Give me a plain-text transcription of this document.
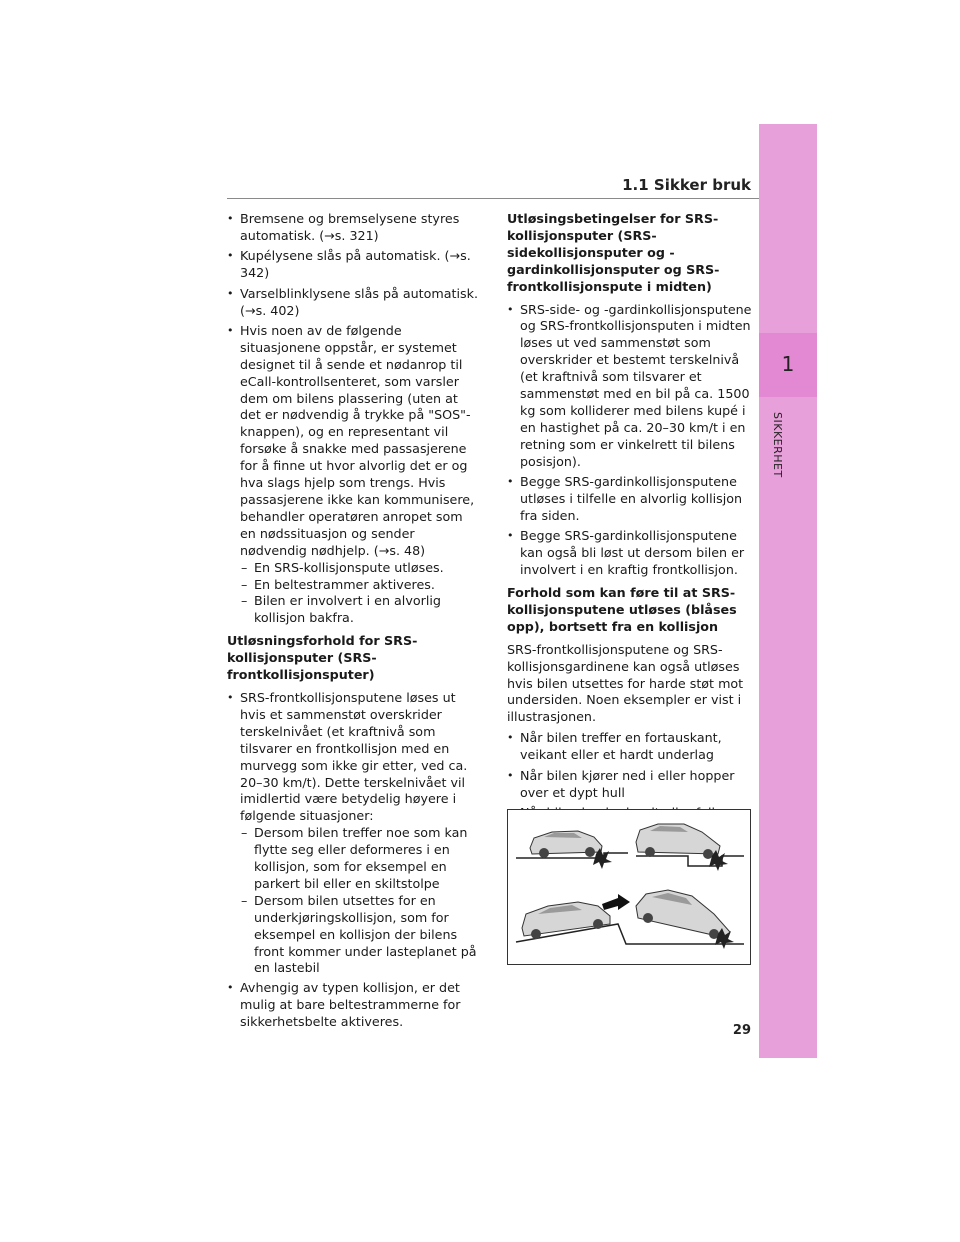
1.1 Sikker bruk
1
SIKKERHET
• Bremsene og bremselysene styres automatisk. (→s. 321)
• Kupélysene slås på automatisk. (→s. 342)
• Varselblinklysene slås på automatisk. (→s. 402)
• Hvis noen av de følgende situasjonene oppstår, er systemet designet til å sende et nødanrop til eCall-kontrollsenteret, som varsler dem om bilens plassering (uten at det er nødvendig å trykke på "SOS"-knappen), og en representant vil forsøke å snakke med passasjerene for å finne ut hvor alvorlig det er og hva slags hjelp som trengs. Hvis passasjerene ikke kan kommunisere, behandler operatøren anropet som en nødssituasjon og sender nødvendig nødhjelp. (→s. 48)
– En SRS-kollisjonspute utløses.
– En beltestrammer aktiveres.
– Bilen er involvert i en alvorlig kollisjon bakfra.
Utløsningsforhold for SRS-kollisjonsputer (SRS-frontkollisjonsputer)
• SRS-frontkollisjonsputene løses ut hvis et sammenstøt overskrider terskelnivået (et kraftnivå som tilsvarer en frontkollisjon med en murvegg som ikke gir etter, ved ca. 20–30 km/t). Dette terskelnivået vil imidlertid være betydelig høyere i følgende situasjoner:
– Dersom bilen treffer noe som kan flytte seg eller deformeres i en kollisjon, som for eksempel en parkert bil eller en skiltstolpe
– Dersom bilen utsettes for en underkjøringskollisjon, som for eksempel en kollisjon der bilens front kommer under lasteplanet på en lastebil
• Avhengig av typen kollisjon, er det mulig at bare beltestrammerne for sikkerhetsbelte aktiveres.
Utløsingsbetingelser for SRS-kollisjonsputer (SRS-sidekollisjonsputer og -gardinkollisjonsputer og SRS-frontkollisjonspute i midten)
• SRS-side- og -gardinkollisjonsputene og SRS-frontkollisjonsputen i midten løses ut ved sammenstøt som overskrider et bestemt terskelnivå (et kraftnivå som tilsvarer et sammenstøt med en bil på ca. 1500 kg som kolliderer med bilens kupé i en hastighet på ca. 20–30 km/t i en retning som er vinkelrett til bilens posisjon).
• Begge SRS-gardinkollisjonsputene utløses i tilfelle en alvorlig kollisjon fra siden.
• Begge SRS-gardinkollisjonsputene kan også bli løst ut dersom bilen er involvert i en kraftig frontkollisjon.
Forhold som kan føre til at SRS-kollisjonsputene utløses (blåses opp), bortsett fra en kollisjon
SRS-frontkollisjonsputene og SRS-kollisjonsgardinene kan også utløses hvis bilen utsettes for harde støt mot undersiden. Noen eksempler er vist i illustrasjonen.
• Når bilen treffer en fortauskant, veikant eller et hardt underlag
• Når bilen kjører ned i eller hopper over et dypt hull
•
29
